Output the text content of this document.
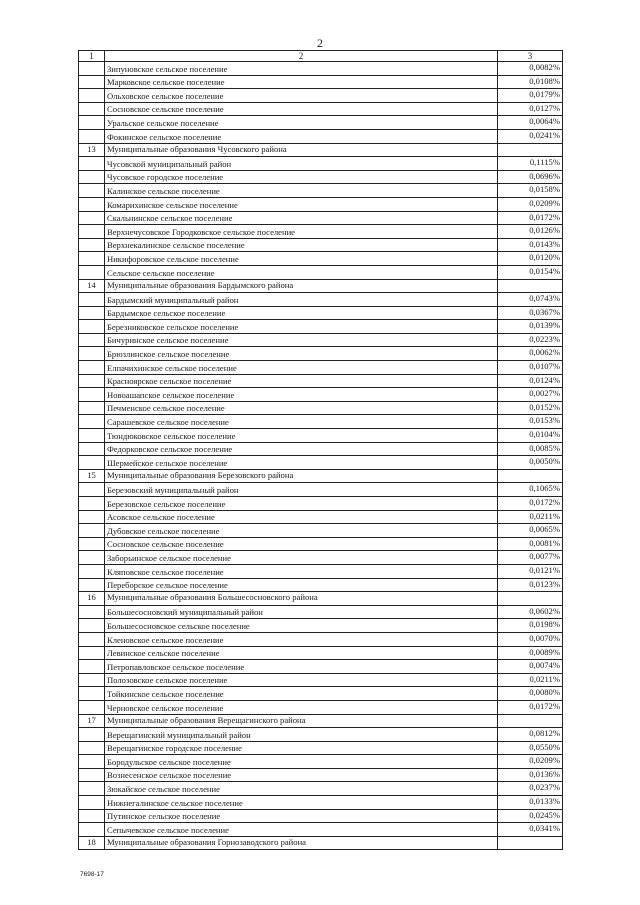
2
1	2	3
	Зипуновское сельское поселение	0,0082%
	Марковское сельское поселение	0,0108%
	Ольховское сельское поселение	0,0179%
	Сосновское сельское поселение	0,0127%
	Уральское сельское поселение	0,0064%
	Фокинское сельское поселение	0,0241%
13	Муниципальные образования Чусовского района	
	Чусовской муниципальный район	0,1115%
	Чусовское городское поселение	0,0696%
	Калинское сельское поселение	0,0158%
	Комарихинское сельское поселение	0,0209%
	Скальнинское сельское поселение	0,0172%
	Верхнечусовское Городковское сельское поселение	0,0126%
	Верхнекалинское сельское поселение	0,0143%
	Никифоровское сельское поселение	0,0120%
	Сельское сельское поселение	0,0154%
14	Муниципальные образования Бардымского района	
	Бардымский муниципальный район	0,0743%
	Бардымское сельское поселение	0,0367%
	Березниковское сельское поселение	0,0139%
	Бичуринское сельское поселение	0,0223%
	Брюзлинское сельское поселение	0,0062%
	Елпачихинское сельское поселение	0,0107%
	Красноярское сельское поселение	0,0124%
	Новоашапское сельское поселение	0,0027%
	Печменское сельское поселение	0,0152%
	Сарашевское сельское поселение	0,0153%
	Тюндюковское сельское поселение	0,0104%
	Федорковское сельское поселение	0,0085%
	Шермейское сельское поселение	0,0050%
15	Муниципальные образования Березовского района	
	Березовский муниципальный район	0,1065%
	Березовское сельское поселение	0,0172%
	Асовское сельское поселение	0,0211%
	Дубовское сельское поселение	0,0065%
	Сосновское сельское поселение	0,0081%
	Заборьинское сельское поселение	0,0077%
	Кляповское сельское поселение	0,0121%
	Переборское сельское поселение	0,0123%
16	Муниципальные образования Большесосновского района	
	Большесосновский муниципальный район	0,0602%
	Большесосновское сельское поселение	0,0198%
	Кленовское сельское поселение	0,0070%
	Левинское сельское поселение	0,0089%
	Петропавловское сельское поселение	0,0074%
	Полозовское сельское поселение	0,0211%
	Тойкинское сельское поселение	0,0080%
	Черновское сельское поселение	0,0172%
17	Муниципальные образования Верещагинского района	
	Верещагинский муниципальный район	0,0812%
	Верещагинское городское поселение	0,0550%
	Бородульское сельское поселение	0,0209%
	Вознесенское сельское поселение	0,0136%
	Зюкайское сельское поселение	0,0237%
	Нижнегалинское сельское поселение	0,0133%
	Путинское сельское поселение	0,0245%
	Сепычевское сельское поселение	0,0341%
18	Муниципальные образования Горнозаводского района	
7698-17
